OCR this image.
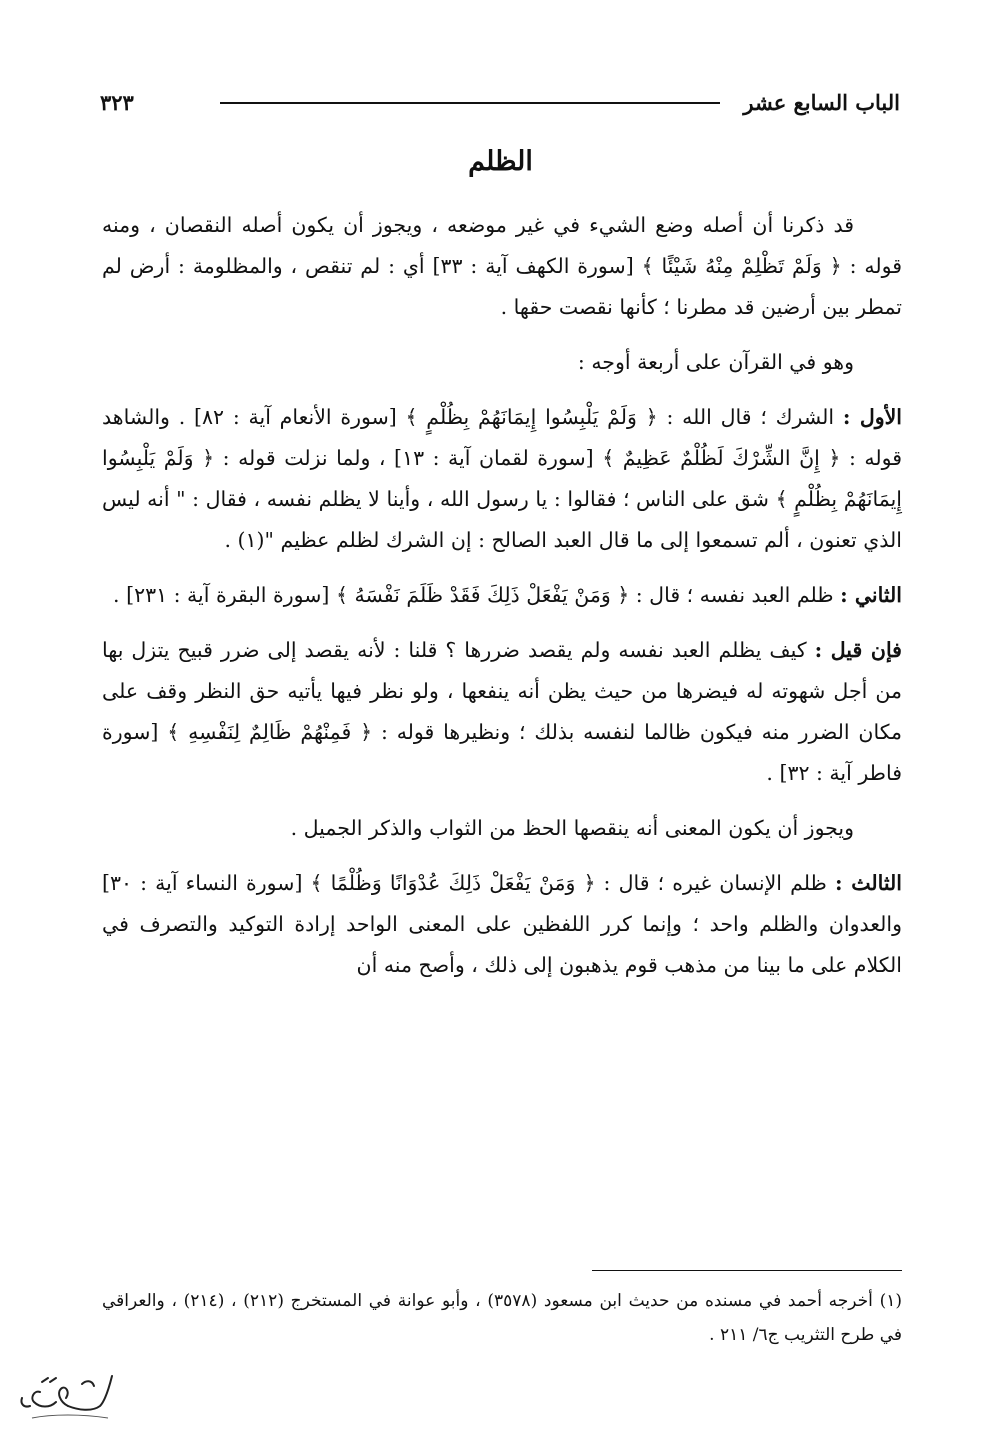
الباب السابع عشر
٣٢٣
الظلم

قد ذكرنا أن أصله وضع الشيء في غير موضعه ، ويجوز أن يكون أصله النقصان ، ومنه قوله : ﴿ وَلَمْ تَظْلِمْ مِنْهُ شَيْئًا ﴾ [سورة الكهف آية : ٣٣] أي : لم تنقص ، والمظلومة : أرض لم تمطر بين أرضين قد مطرنا ؛ كأنها نقصت حقها .

وهو في القرآن على أربعة أوجه :

الأول : الشرك ؛ قال الله : ﴿ وَلَمْ يَلْبِسُوا إِيمَانَهُمْ بِظُلْمٍ ﴾ [سورة الأنعام آية : ٨٢] . والشاهد قوله : ﴿ إِنَّ الشِّرْكَ لَظُلْمٌ عَظِيمٌ ﴾ [سورة لقمان آية : ١٣] ، ولما نزلت قوله : ﴿ وَلَمْ يَلْبِسُوا إِيمَانَهُمْ بِظُلْمٍ ﴾ شق على الناس ؛ فقالوا : يا رسول الله ، وأينا لا يظلم نفسه ، فقال : " أنه ليس الذي تعنون ، ألم تسمعوا إلى ما قال العبد الصالح : إن الشرك لظلم عظيم "(١) .

الثاني : ظلم العبد نفسه ؛ قال : ﴿ وَمَنْ يَفْعَلْ ذَلِكَ فَقَدْ ظَلَمَ نَفْسَهُ ﴾ [سورة البقرة آية : ٢٣١] .

فإن قيل : كيف يظلم العبد نفسه ولم يقصد ضررها ؟ قلنا : لأنه يقصد إلى ضرر قبيح يتزل بها من أجل شهوته له فيضرها من حيث يظن أنه ينفعها ، ولو نظر فيها يأتيه حق النظر وقف على مكان الضرر منه فيكون ظالما لنفسه بذلك ؛ ونظيرها قوله : ﴿ فَمِنْهُمْ ظَالِمٌ لِنَفْسِهِ ﴾ [سورة فاطر آية : ٣٢] .

ويجوز أن يكون المعنى أنه ينقصها الحظ من الثواب والذكر الجميل .

الثالث : ظلم الإنسان غيره ؛ قال : ﴿ وَمَنْ يَفْعَلْ ذَلِكَ عُدْوَانًا وَظُلْمًا ﴾ [سورة النساء آية : ٣٠] والعدوان والظلم واحد ؛ وإنما كرر اللفظين على المعنى الواحد إرادة التوكيد والتصرف في الكلام على ما بينا من مذهب قوم يذهبون إلى ذلك ، وأصح منه أن

(١) أخرجه أحمد في مسنده من حديث ابن مسعود (٣٥٧٨) ، وأبو عوانة في المستخرج (٢١٢) ، (٢١٤) ، والعراقي في طرح التثريب ج٦/ ٢١١ .
